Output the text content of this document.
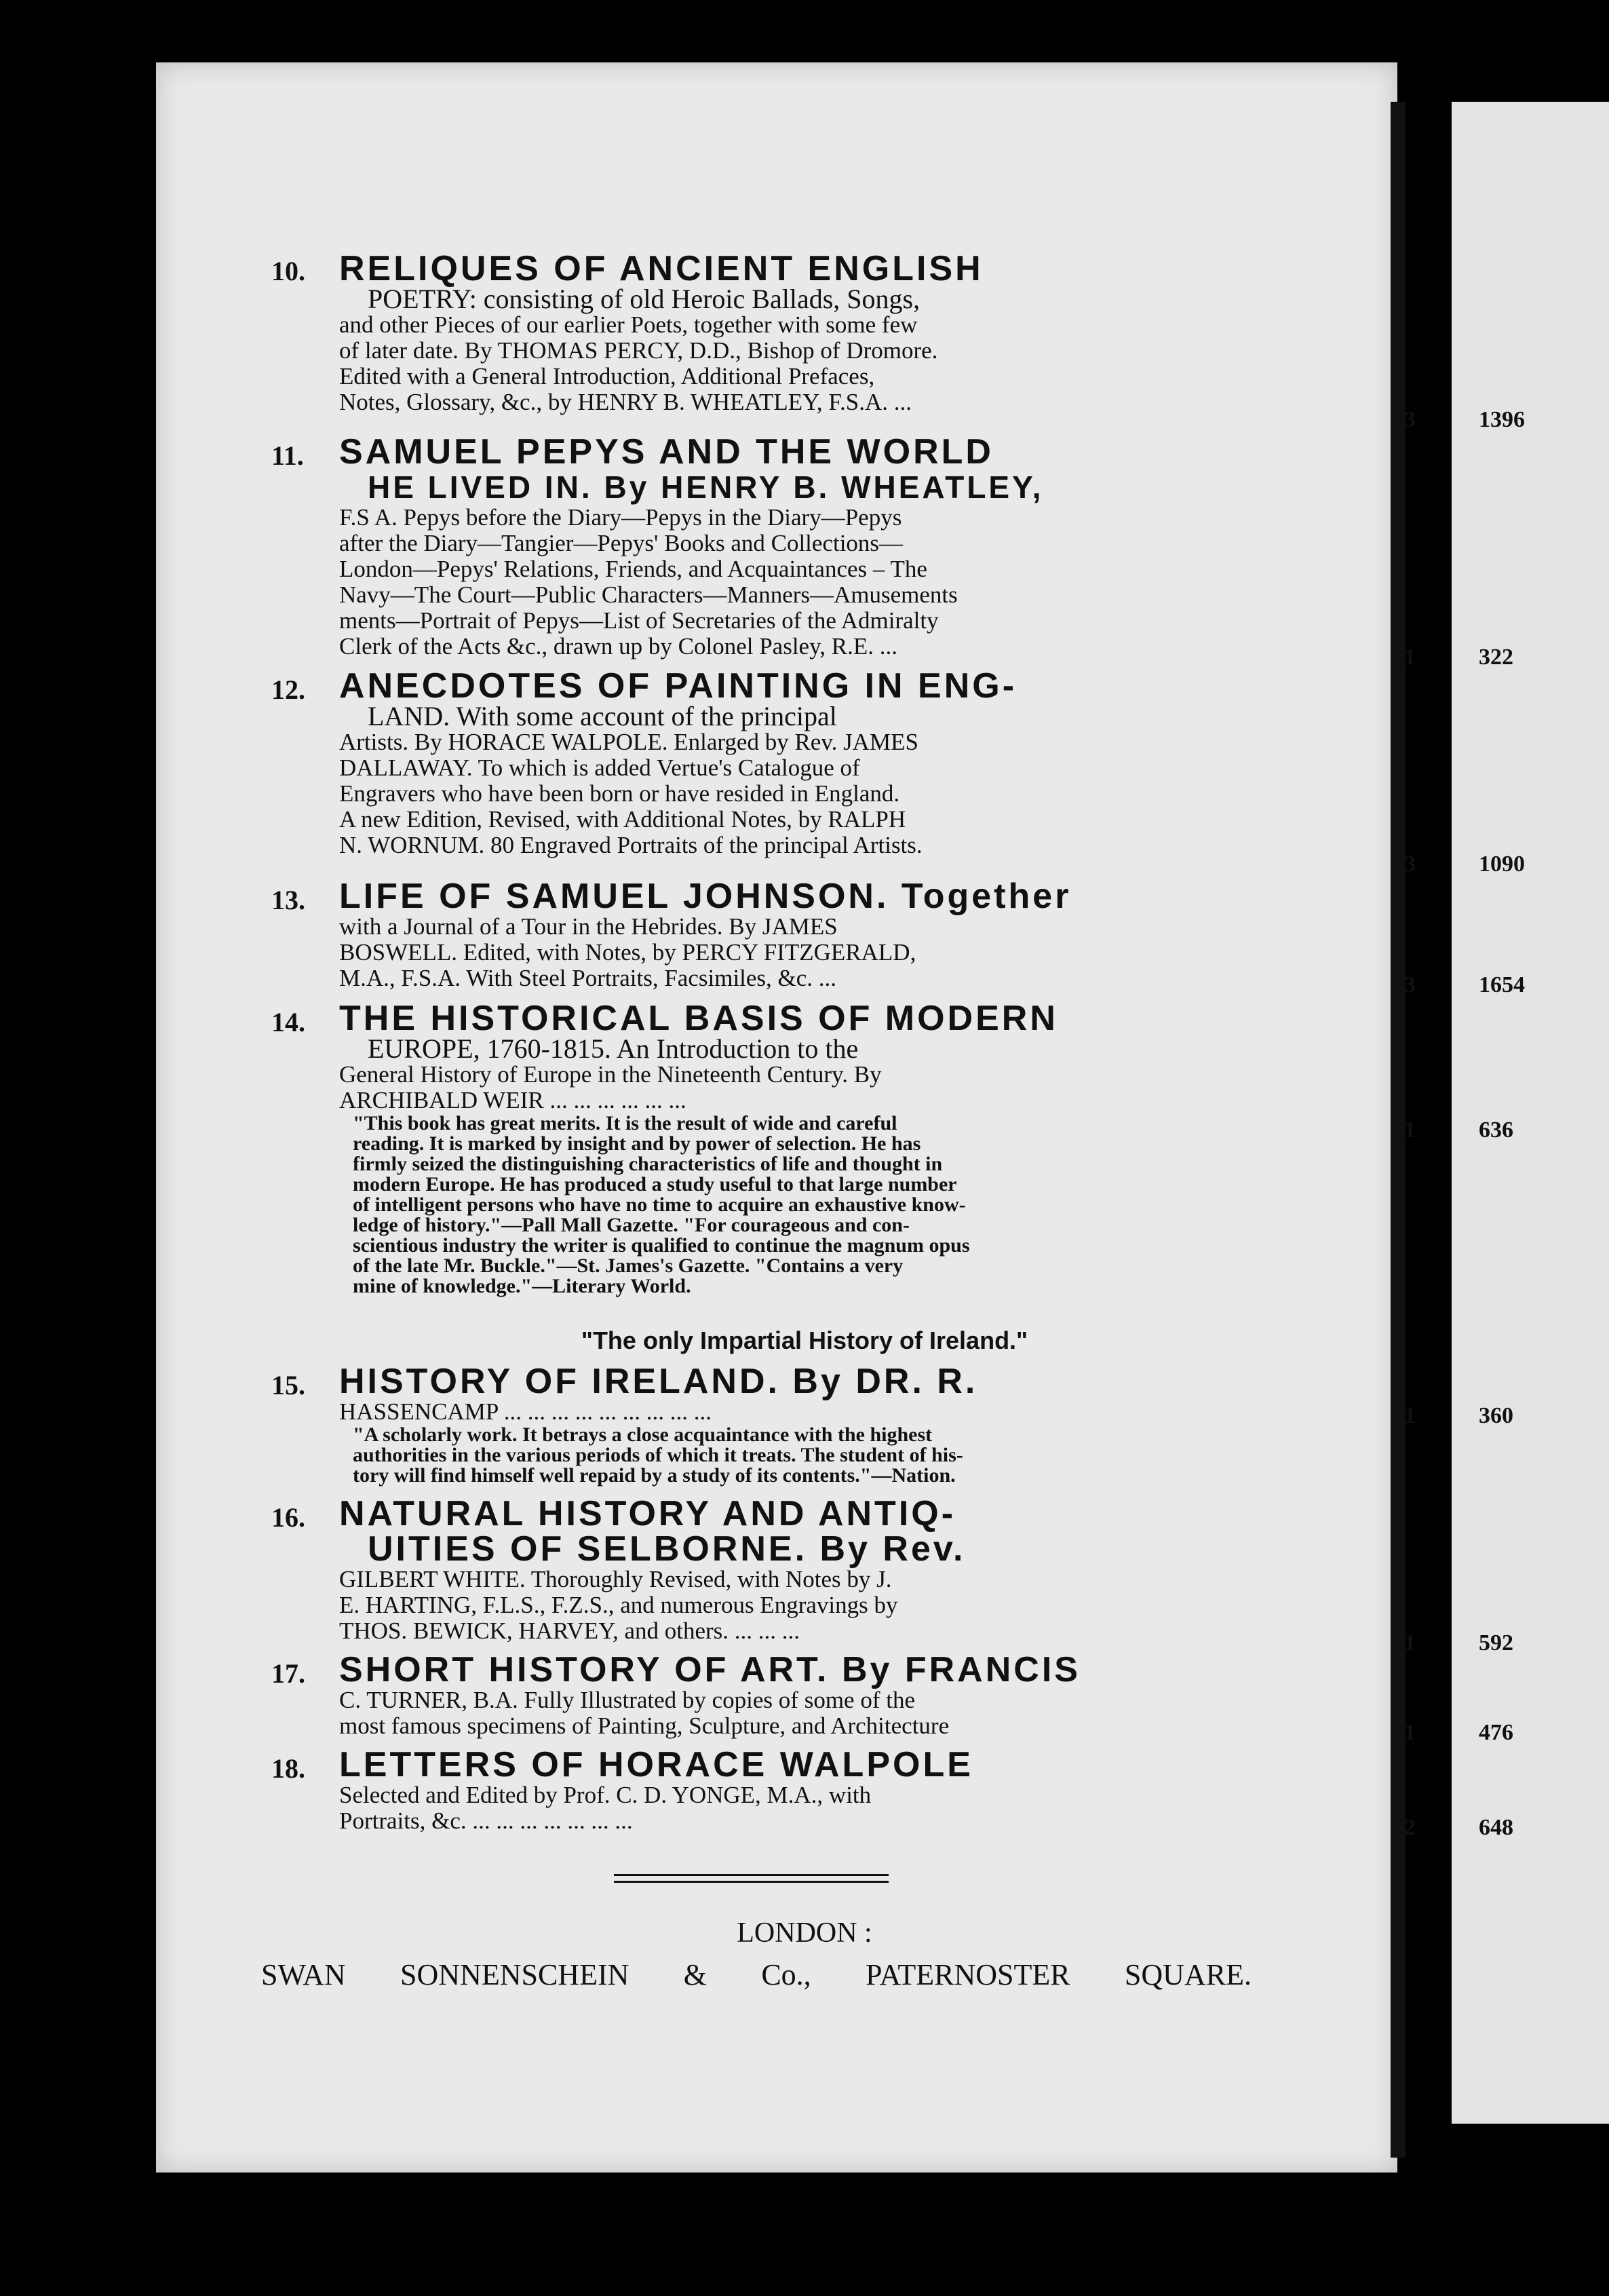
10. RELIQUES OF ANCIENT ENGLISH
POETRY: consisting of old Heroic Ballads, Songs,
and other Pieces of our earlier Poets, together with some few
of later date. By THOMAS PERCY, D.D., Bishop of Dromore.
Edited with a General Introduction, Additional Prefaces,
Notes, Glossary, &c., by HENRY B. WHEATLEY, F.S.A. ...
3	1396
11. SAMUEL PEPYS AND THE WORLD
HE LIVED IN. By HENRY B. WHEATLEY,
F.S A. Pepys before the Diary—Pepys in the Diary—Pepys
after the Diary—Tangier—Pepys' Books and Collections—
London—Pepys' Relations, Friends, and Acquaintances – The
Navy—The Court—Public Characters—Manners—Amusements
ments—Portrait of Pepys—List of Secretaries of the Admiralty
Clerk of the Acts &c., drawn up by Colonel Pasley, R.E. ...	1	322
12. ANECDOTES OF PAINTING IN ENG-
LAND. With some account of the principal
Artists. By HORACE WALPOLE. Enlarged by Rev. JAMES
DALLAWAY. To which is added Vertue's Catalogue of
Engravers who have been born or have resided in England.
A new Edition, Revised, with Additional Notes, by RALPH
N. WORNUM. 80 Engraved Portraits of the principal Artists.
3	1090
13. LIFE OF SAMUEL JOHNSON. Together
with a Journal of a Tour in the Hebrides. By JAMES
BOSWELL. Edited, with Notes, by PERCY FITZGERALD,
M.A., F.S.A. With Steel Portraits, Facsimiles, &c. ...	3	1654
14. THE HISTORICAL BASIS OF MODERN
EUROPE, 1760-1815. An Introduction to the
General History of Europe in the Nineteenth Century. By
ARCHIBALD WEIR ... ... ... ... ... ...
"This book has great merits. It is the result of wide and careful
reading. It is marked by insight and by power of selection. He has
firmly seized the distinguishing characteristics of life and thought in
modern Europe. He has produced a study useful to that large number
of intelligent persons who have no time to acquire an exhaustive know-
ledge of history."—Pall Mall Gazette. "For courageous and con-
scientious industry the writer is qualified to continue the magnum opus
of the late Mr. Buckle."—St. James's Gazette. "Contains a very
mine of knowledge."—Literary World.
1	636
"The only Impartial History of Ireland."
15. HISTORY OF IRELAND. By DR. R.
HASSENCAMP ... ... ... ... ... ... ... ... ...
"A scholarly work. It betrays a close acquaintance with the highest
authorities in the various periods of which it treats. The student of his-
tory will find himself well repaid by a study of its contents."—Nation.
1	360
16. NATURAL HISTORY AND ANTIQ-
UITIES OF SELBORNE. By Rev.
GILBERT WHITE. Thoroughly Revised, with Notes by J.
E. HARTING, F.L.S., F.Z.S., and numerous Engravings by
THOS. BEWICK, HARVEY, and others. ... ... ...	1	592
17. SHORT HISTORY OF ART. By FRANCIS
C. TURNER, B.A. Fully Illustrated by copies of some of the
most famous specimens of Painting, Sculpture, and Architecture	1	476
18. LETTERS OF HORACE WALPOLE
Selected and Edited by Prof. C. D. YONGE, M.A., with
Portraits, &c. ... ... ... ... ... ... ...	2	648
LONDON :
SWAN SONNENSCHEIN & Co., PATERNOSTER SQUARE.
